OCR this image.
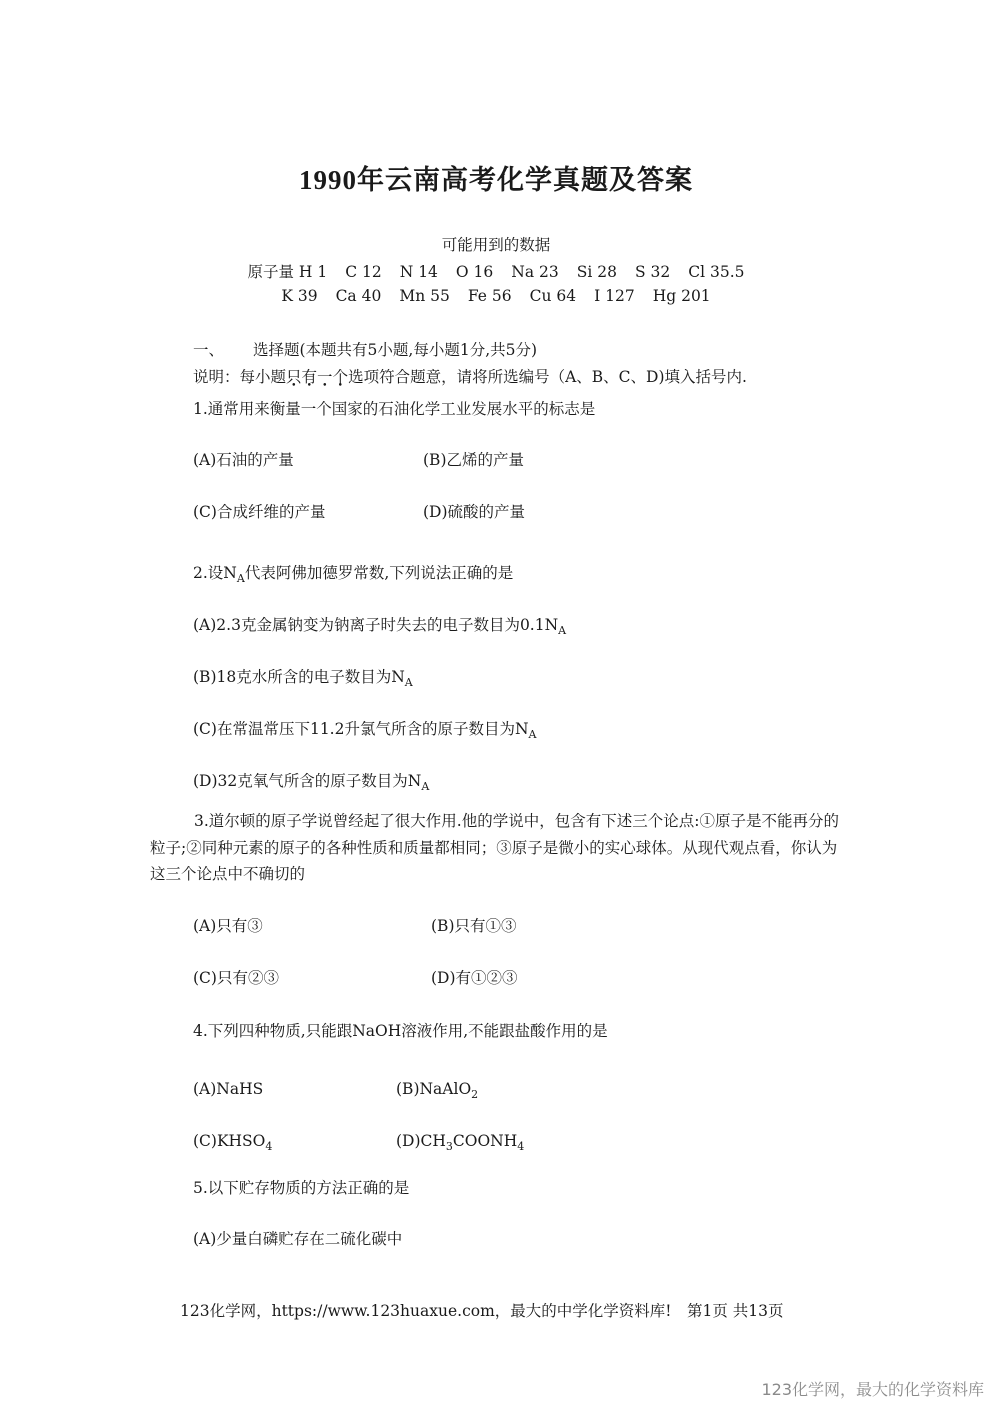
1990年云南高考化学真题及答案
可能用到的数据
原子量 H 1 C 12 N 14 O 16 Na 23 Si 28 S 32 Cl 35.5
K 39 Ca 40 Mn 55 Fe 56 Cu 64 I 127 Hg 201
一、 选择题(本题共有5小题,每小题1分,共5分)
说明：每小题只有一个选项符合题意，请将所选编号（A、B、C、D)填入括号内.
1.通常用来衡量一个国家的石油化学工业发展水平的标志是
(A)石油的产量	(B)乙烯的产量
(C)合成纤维的产量	(D)硫酸的产量
2.设$N_A$代表阿佛加德罗常数,下列说法正确的是
(A)2.3克金属钠变为钠离子时失去的电子数目为$0.1N_A$
(B)18克水所含的电子数目为$N_A$
(C)在常温常压下11.2升氯气所含的原子数目为$N_A$
(D)32克氧气所含的原子数目为$N_A$
3.道尔顿的原子学说曾经起了很大作用.他的学说中，包含有下述三个论点:①原子是不能再分的粒子;②同种元素的原子的各种性质和质量都相同；③原子是微小的实心球体。从现代观点看，你认为这三个论点中不确切的
(A)只有③	(B)只有①③
(C)只有②③	(D)有①②③
4.下列四种物质,只能跟NaOH溶液作用,不能跟盐酸作用的是
(A)NaHS	(B)NaAlO$_2$
$(C)KHSO_4$	$(D)CH_3COONH_4$
5.以下贮存物质的方法正确的是
(A)少量白磷贮存在二硫化碳中
123化学网，https://www.123huaxue.com，最大的中学化学资料库!　第1页 共13页
123化学网，最大的化学资料库
